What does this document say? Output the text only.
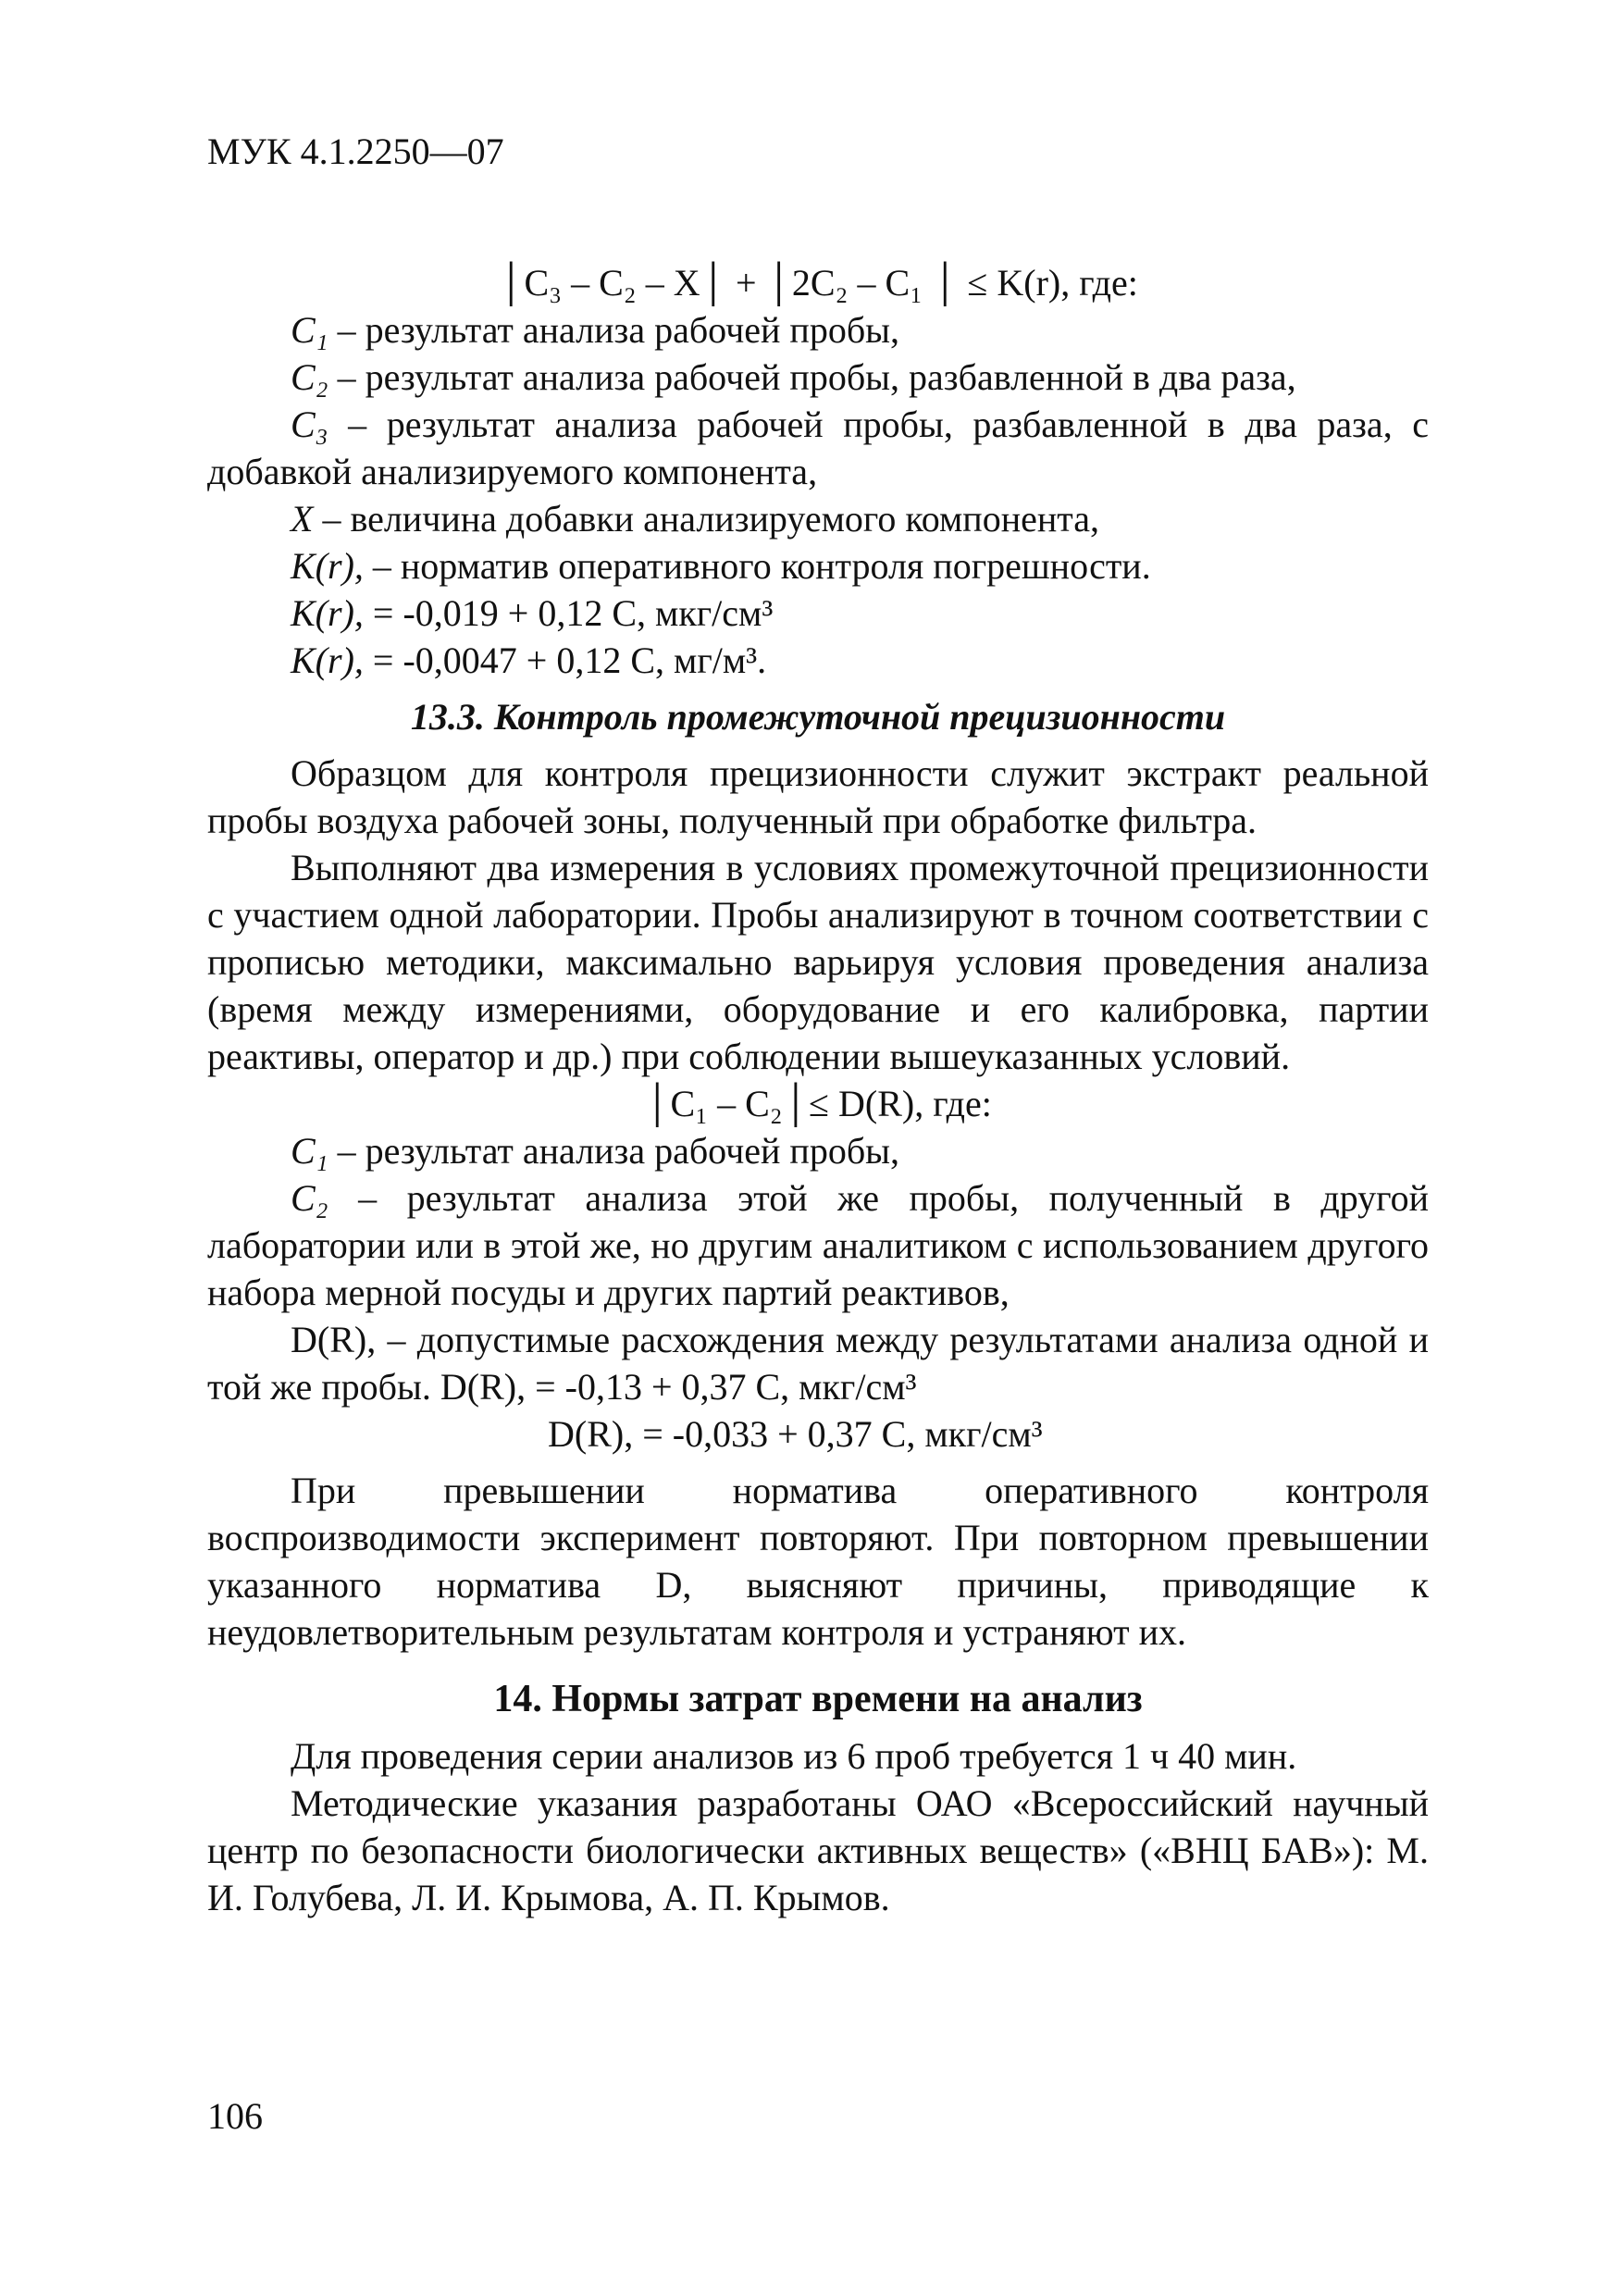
МУК 4.1.2250—07

│C₃ – C₂ – X│ + │2C₂ – C₁ │ ≤ K(r), где:

C₁ – результат анализа рабочей пробы,

C₂ – результат анализа рабочей пробы, разбавленной в два раза,

C₃ – результат анализа рабочей пробы, разбавленной в два раза, с добавкой анализируемого компонента,

X – величина добавки анализируемого компонента,

K(r), – норматив оперативного контроля погрешности.

K(r), = -0,019 + 0,12 C, мкг/см³

K(r), = -0,0047 + 0,12 C, мг/м³.

13.3. Контроль промежуточной прецизионности

Образцом для контроля прецизионности служит экстракт реальной пробы воздуха рабочей зоны, полученный при обработке фильтра.

Выполняют два измерения в условиях промежуточной прецизионности с участием одной лаборатории. Пробы анализируют в точном соответствии с прописью методики, максимально варьируя условия проведения анализа (время между измерениями, оборудование и его калибровка, партии реактивы, оператор и др.) при соблюдении вышеуказанных условий.

│C₁ – C₂│≤ D(R), где:

C₁ – результат анализа рабочей пробы,

C₂ – результат анализа этой же пробы, полученный в другой лаборатории или в этой же, но другим аналитиком с использованием другого набора мерной посуды и других партий реактивов,

D(R), – допустимые расхождения между результатами анализа одной и той же пробы. D(R), = -0,13 + 0,37 C, мкг/см³

D(R), = -0,033 + 0,37 C, мкг/см³

При превышении норматива оперативного контроля воспроизводимости эксперимент повторяют. При повторном превышении указанного норматива D, выясняют причины, приводящие к неудовлетворительным результатам контроля и устраняют их.

14. Нормы затрат времени на анализ

Для проведения серии анализов из 6 проб требуется 1 ч 40 мин.

Методические указания разработаны ОАО «Всероссийский научный центр по безопасности биологически активных веществ» («ВНЦ БАВ»): М. И. Голубева, Л. И. Крымова, А. П. Крымов.

106
